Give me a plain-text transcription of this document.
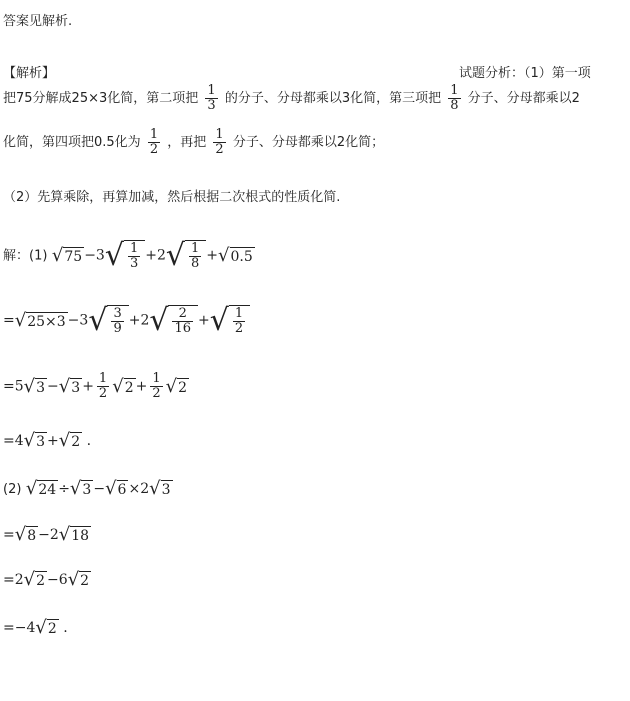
答案见解析.
【解析】	试题分析：（1）第一项
把75分解成25×3化简，第二项把 $\frac{1}{3}$ 的分子、分母都乘以3化简，第三项把 $\frac{1}{8}$ 分子、分母都乘以2
化简，第四项把0.5化为 $\frac{1}{2}$ ，再把 $\frac{1}{2}$ 分子、分母都乘以2化简；
（2）先算乘除，再算加减，然后根据二次根式的性质化简.
解：(1) √ 75 −3 √ $\frac{1}{3} +2$ √ $\frac{1}{8}$ + √ 0.5
= √ 25×3 −3 √ $\frac{3}{9} +2$ √ $\frac{2}{16}$ + √ $\frac{1}{2}$
=5 √ 3 − √ $3 + \frac{1}{2}$ √ $2 + \frac{1}{2}$ √ 2
=4 √ 3 + √ 2 .
(2) √ 24 ÷ √ 3 − √ 6 ×2 √ 3
= √ 8 −2 √ 18
=2 √ 2 −6 √ 2
=−4 √ 2 .
